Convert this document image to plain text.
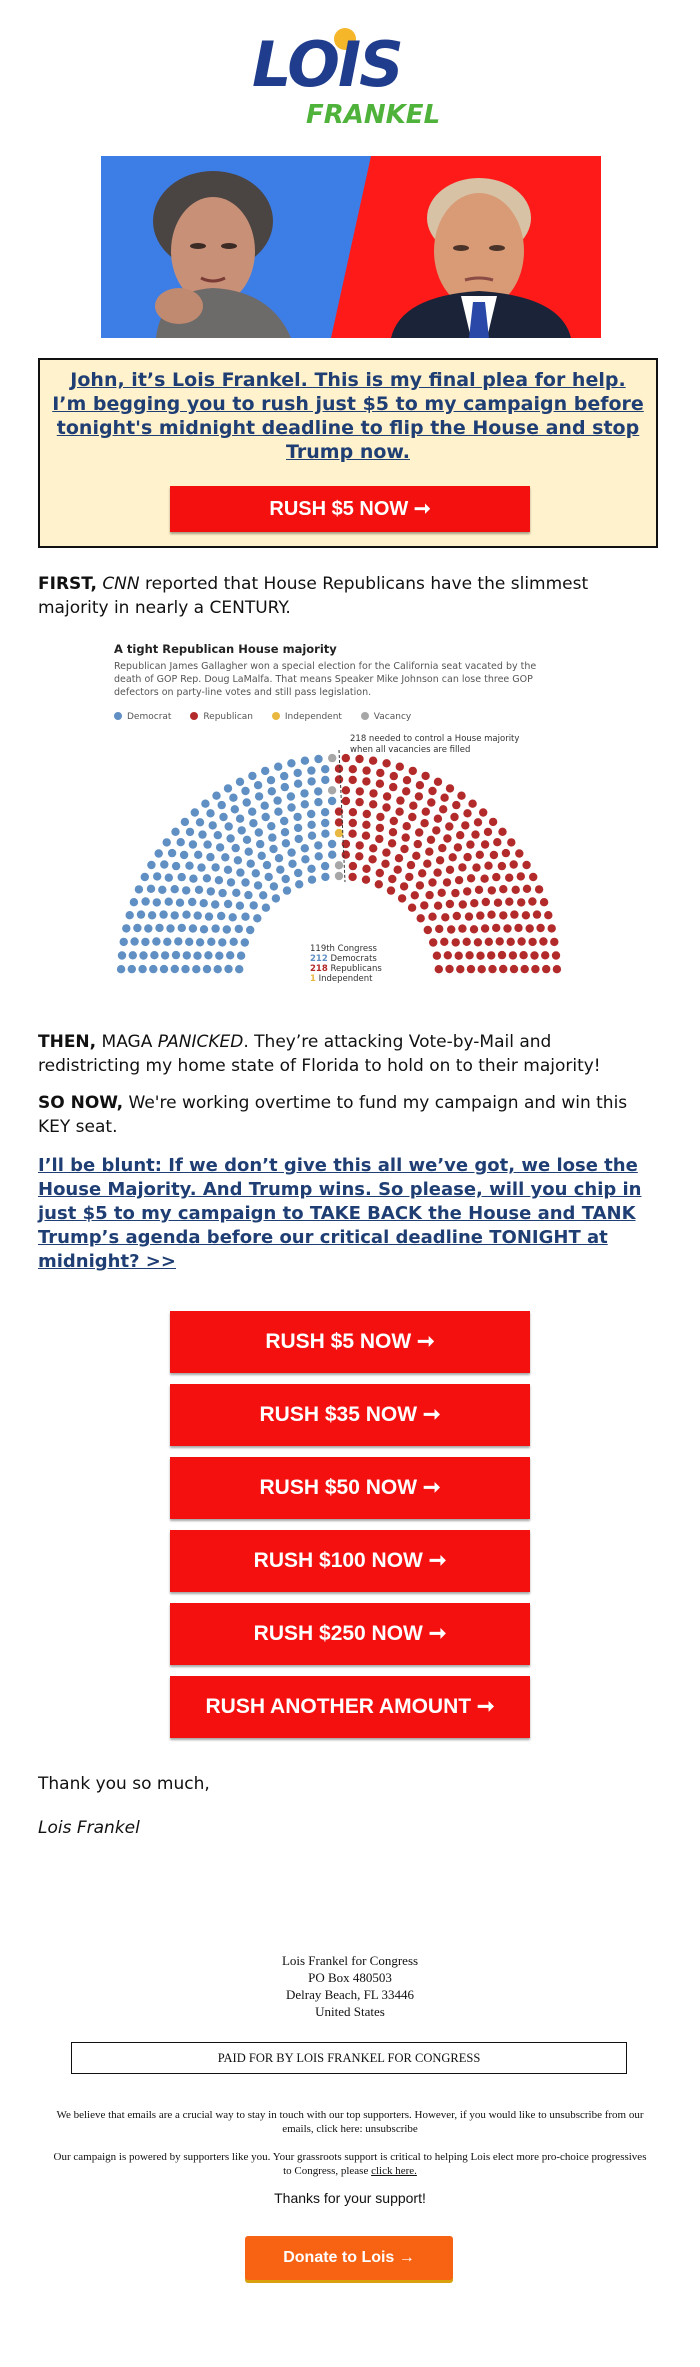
LOIS
FRANKEL
John, it’s Lois Frankel. This is my final plea for help. I’m begging you to rush just $5 to my campaign before tonight's midnight deadline to flip the House and stop Trump now.
RUSH $5 NOW ➞
FIRST, CNN reported that House Republicans have the slimmest majority in nearly a CENTURY.
A tight Republican House majority
Republican James Gallagher won a special election for the California seat vacated by the death of GOP Rep. Doug LaMalfa. That means Speaker Mike Johnson can lose three GOP defectors on party-line votes and still pass legislation.
Democrat	Republican	Independent	Vacancy
218 needed to control a House majority
when all vacancies are filled
119th Congress
212 Democrats
218 Republicans
1 Independent
THEN, MAGA PANICKED. They’re attacking Vote-by-Mail and redistricting my home state of Florida to hold on to their majority!
SO NOW, We're working overtime to fund my campaign and win this KEY seat.
I’ll be blunt: If we don’t give this all we’ve got, we lose the House Majority. And Trump wins. So please, will you chip in just $5 to my campaign to TAKE BACK the House and TANK Trump’s agenda before our critical deadline TONIGHT at midnight? >>
RUSH $5 NOW ➞
RUSH $35 NOW ➞
RUSH $50 NOW ➞
RUSH $100 NOW ➞
RUSH $250 NOW ➞
RUSH ANOTHER AMOUNT ➞
Thank you so much,
Lois Frankel
Lois Frankel for Congress
PO Box 480503
Delray Beach, FL 33446
United States
PAID FOR BY LOIS FRANKEL FOR CONGRESS
We believe that emails are a crucial way to stay in touch with our top supporters. However, if you would like to unsubscribe from our emails, click here: unsubscribe
Our campaign is powered by supporters like you. Your grassroots support is critical to helping Lois elect more pro-choice progressives to Congress, please click here.
Thanks for your support!
Donate to Lois →
